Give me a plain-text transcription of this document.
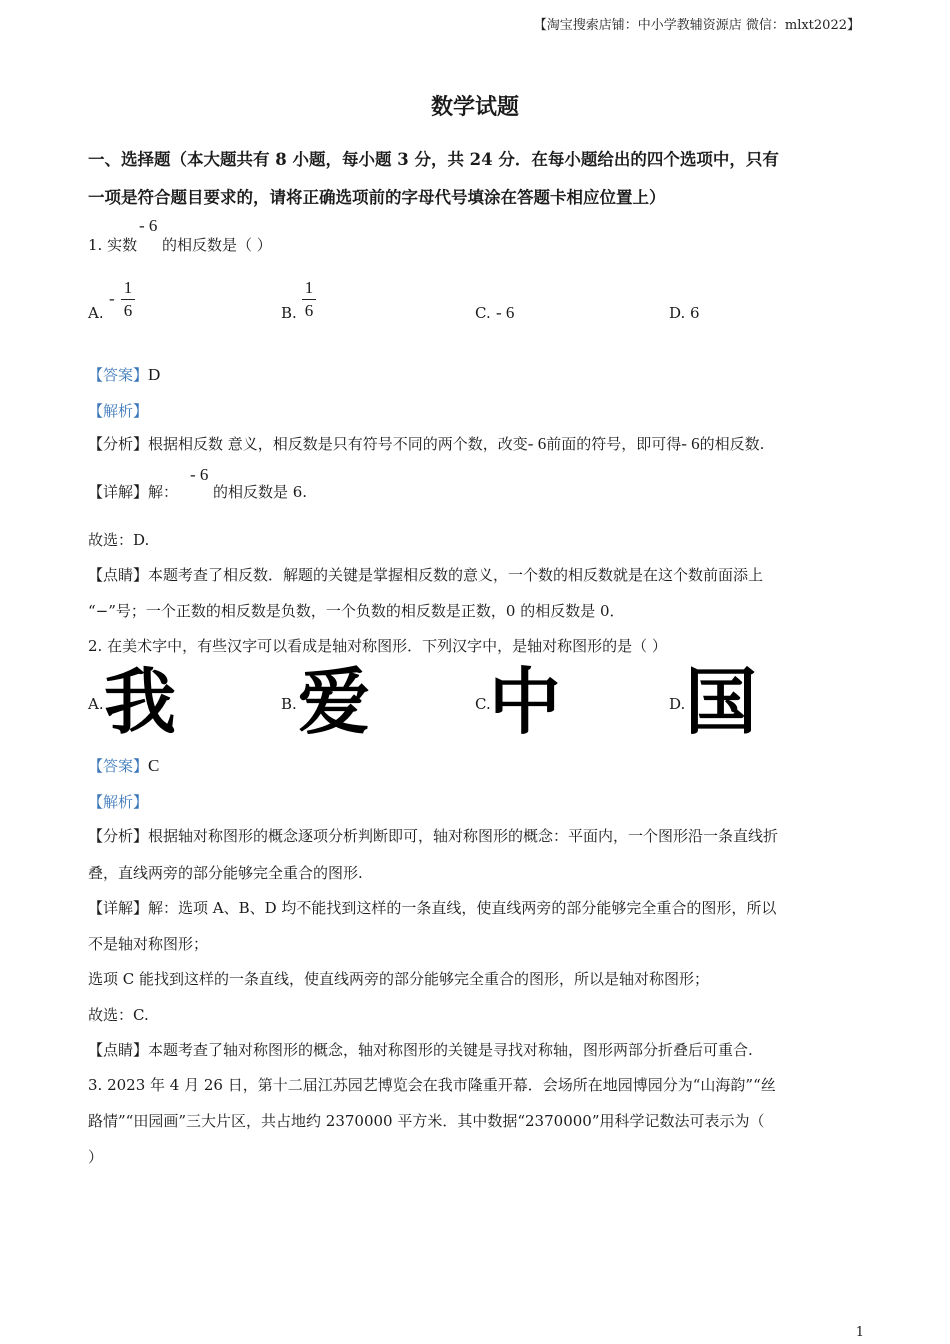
【淘宝搜索店铺：中小学教辅资源店 微信：mlxt2022】
数学试题
一、选择题（本大题共有 8 小题，每小题 3 分，共 24 分．在每小题给出的四个选项中，只有
一项是符合题目要求的，请将正确选项前的字母代号填涂在答题卡相应位置上）
1. 实数
- 6
的相反数是（ ）
A.
-
1
6	B.
1
6	C. - 6	D. 6
【答案】D
【解析】
【分析】根据相反数 意义，相反数是只有符号不同的两个数，改变- 6前面的符号，即可得- 6的相反数.
【详解】解：
- 6
的相反数是 6.
故选：D.
【点睛】本题考查了相反数．解题的关键是掌握相反数的意义，一个数的相反数就是在这个数前面添上
“−”号；一个正数的相反数是负数，一个负数的相反数是正数，0 的相反数是 0．
2. 在美术字中，有些汉字可以看成是轴对称图形．下列汉字中，是轴对称图形的是（ ）
A. 我	B. 爱	C.
中	D. 国
【答案】C
【解析】
【分析】根据轴对称图形的概念逐项分析判断即可，轴对称图形的概念：平面内，一个图形沿一条直线折
叠，直线两旁的部分能够完全重合的图形.
【详解】解：选项 A、B、D 均不能找到这样的一条直线，使直线两旁的部分能够完全重合的图形，所以
不是轴对称图形；
选项 C 能找到这样的一条直线，使直线两旁的部分能够完全重合的图形，所以是轴对称图形；
故选：C.
【点睛】本题考查了轴对称图形的概念，轴对称图形的关键是寻找对称轴，图形两部分折叠后可重合.
3. 2023 年 4 月 26 日，第十二届江苏园艺博览会在我市隆重开幕．会场所在地园博园分为“山海韵”“丝
路情”“田园画”三大片区，共占地约 2370000 平方米．其中数据“2370000”用科学记数法可表示为（
）
1
